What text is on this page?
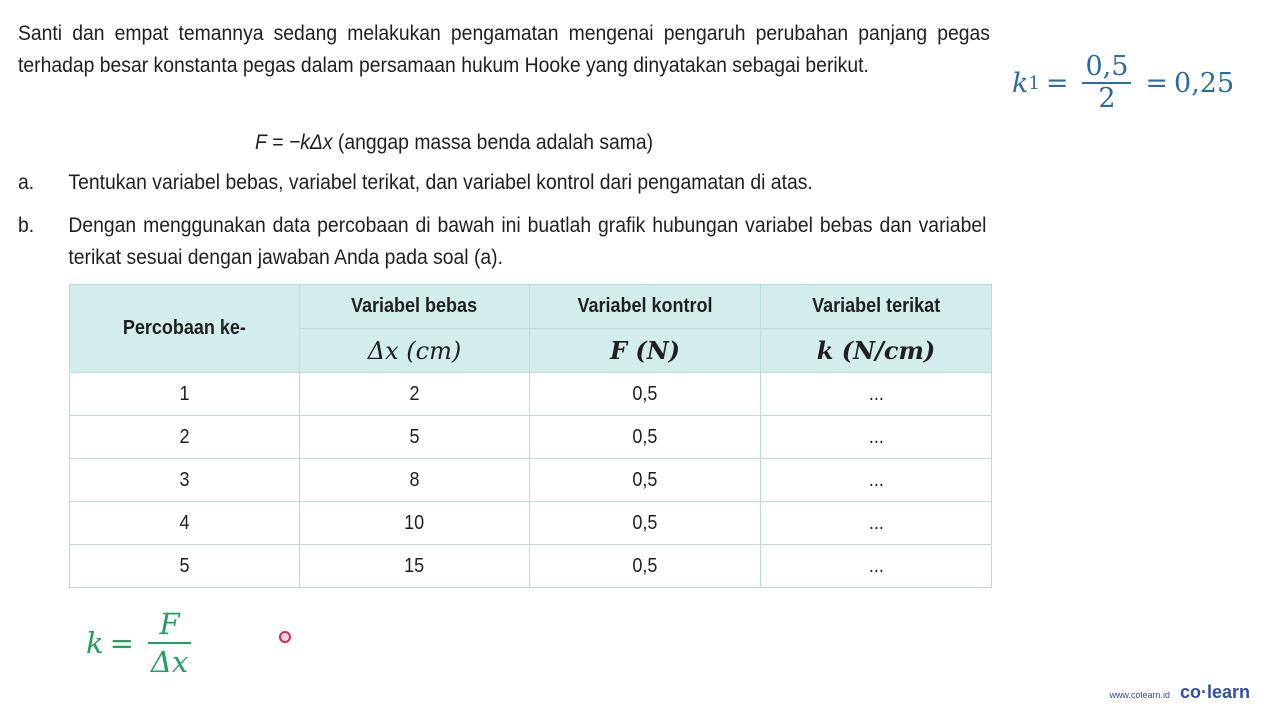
Santi dan empat temannya sedang melakukan pengamatan mengenai pengaruh perubahan panjang pegas terhadap besar konstanta pegas dalam persamaan hukum Hooke yang dinyatakan sebagai berikut.

F = −kΔx (anggap massa benda adalah sama)
a. Tentukan variabel bebas, variabel terikat, dan variabel kontrol dari pengamatan di atas.
b. Dengan menggunakan data percobaan di bawah ini buatlah grafik hubungan variabel bebas dan variabel terikat sesuai dengan jawaban Anda pada soal (a).
Percobaan ke-	Variabel bebas	Variabel kontrol	Variabel terikat
	Δx (cm)	F (N)	k (N/cm)
1	2	0,5	...
2	5	0,5	...
3	8	0,5	...
4	10	0,5	...
5	15	0,5	...
k $1 = \frac{0,5}{2} = 0,25$
$k = \frac{F}{\Delta x}$
www.colearn.id co·learn
